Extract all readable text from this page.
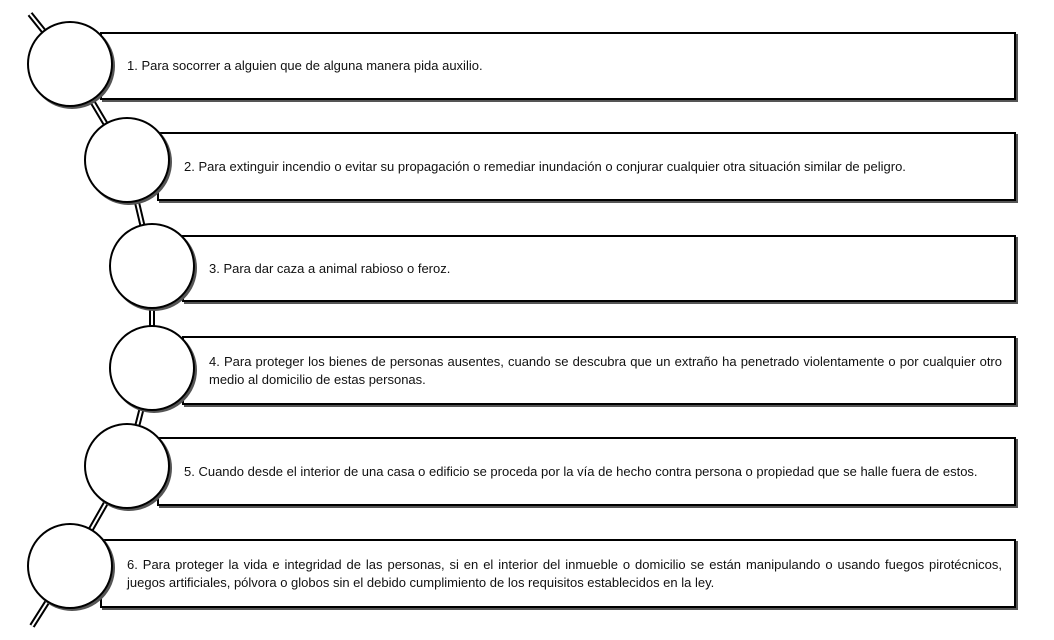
1. Para socorrer a alguien que de alguna manera pida auxilio.
2. Para extinguir incendio o evitar su propagación o remediar inundación o conjurar cualquier otra situación similar de peligro.
3. Para dar caza a animal rabioso o feroz.
4. Para proteger los bienes de personas ausentes, cuando se descubra que un extraño ha penetrado violentamente o por cualquier otro medio al domicilio de estas personas.
5. Cuando desde el interior de una casa o edificio se proceda por la vía de hecho contra persona o propiedad que se halle fuera de estos.
6. Para proteger la vida e integridad de las personas, si en el interior del inmueble o domicilio se están manipulando o usando fuegos pirotécnicos, juegos artificiales, pólvora o globos sin el debido cumplimiento de los requisitos establecidos en la ley.
